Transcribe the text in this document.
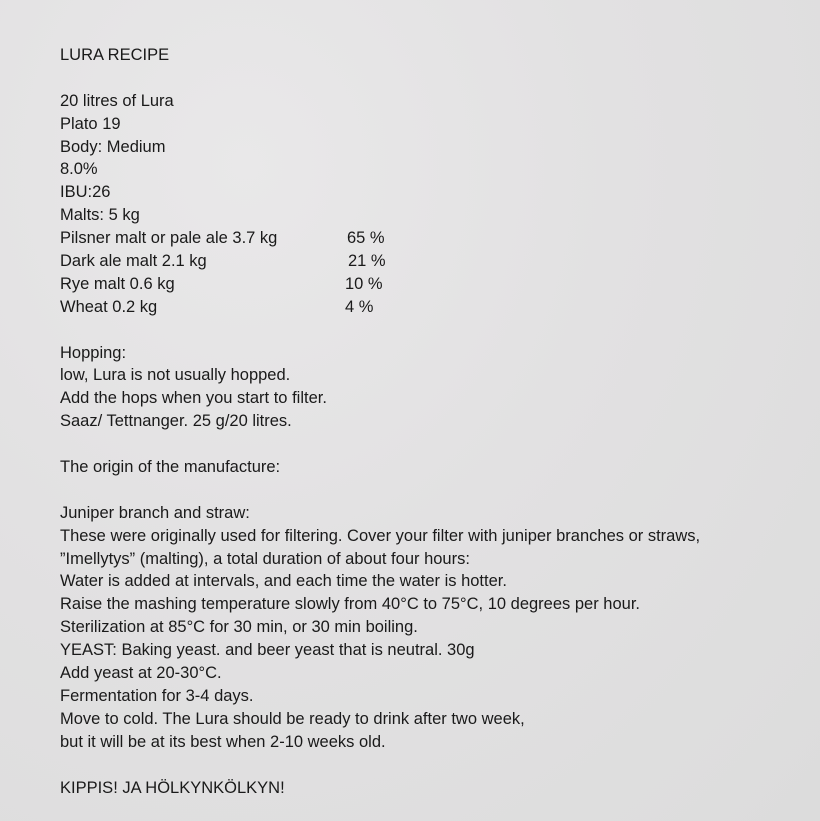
LURA RECIPE
20 litres of Lura
Plato 19
Body: Medium
8.0%
IBU:26
Malts: 5 kg
Pilsner malt or pale ale 3.7 kg	65 %
Dark ale malt 2.1 kg	21 %
Rye malt 0.6 kg	10 %
Wheat 0.2 kg	4 %
Hopping:
low, Lura is not usually hopped.
Add the hops when you start to filter.
Saaz/ Tettnanger. 25 g/20 litres.
The origin of the manufacture:
Juniper branch and straw:
These were originally used for filtering. Cover your filter with juniper branches or straws,
”Imellytys” (malting), a total duration of about four hours:
Water is added at intervals, and each time the water is hotter.
Raise the mashing temperature slowly from 40°C to 75°C, 10 degrees per hour.
Sterilization at 85°C for 30 min, or 30 min boiling.
YEAST: Baking yeast. and beer yeast that is neutral. 30g
Add yeast at 20-30°C.
Fermentation for 3-4 days.
Move to cold. The Lura should be ready to drink after two week,
but it will be at its best when 2-10 weeks old.
KIPPIS! JA HÖLKYNKÖLKYN!
